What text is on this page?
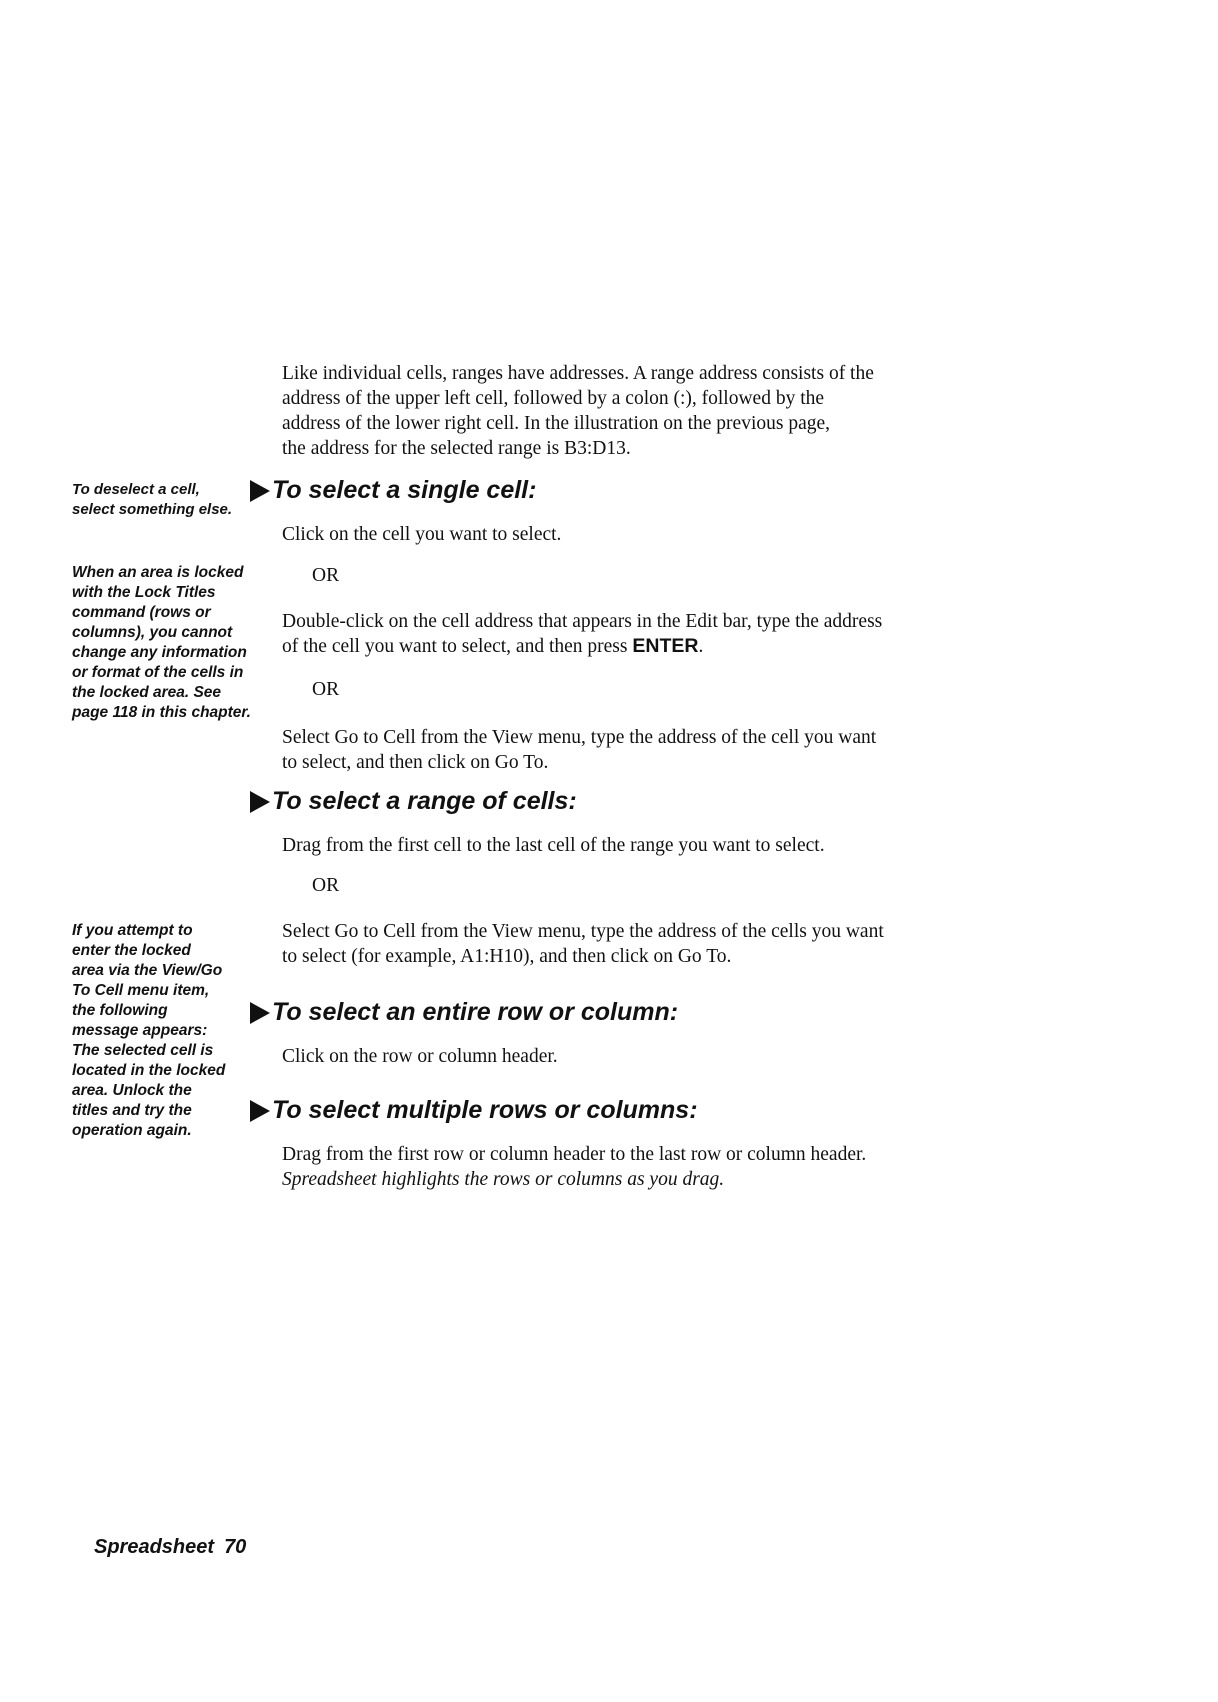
Like individual cells, ranges have addresses. A range address consists of the
address of the upper left cell, followed by a colon (:), followed by the
address of the lower right cell. In the illustration on the previous page,
the address for the selected range is B3:D13.
To deselect a cell,
select something else.
To select a single cell:
Click on the cell you want to select.
OR
When an area is locked
with the Lock Titles
command (rows or
columns), you cannot
change any information
or format of the cells in
the locked area. See
page 118 in this chapter.
Double-click on the cell address that appears in the Edit bar, type the address
of the cell you want to select, and then press ENTER.
OR
Select Go to Cell from the View menu, type the address of the cell you want
to select, and then click on Go To.
To select a range of cells:
Drag from the first cell to the last cell of the range you want to select.
OR
If you attempt to
enter the locked
area via the View/Go
To Cell menu item,
the following
message appears:
The selected cell is
located in the locked
area. Unlock the
titles and try the
operation again.
Select Go to Cell from the View menu, type the address of the cells you want
to select (for example, A1:H10), and then click on Go To.
To select an entire row or column:
Click on the row or column header.
To select multiple rows or columns:
Drag from the first row or column header to the last row or column header.
Spreadsheet highlights the rows or columns as you drag.
Spreadsheet 70
